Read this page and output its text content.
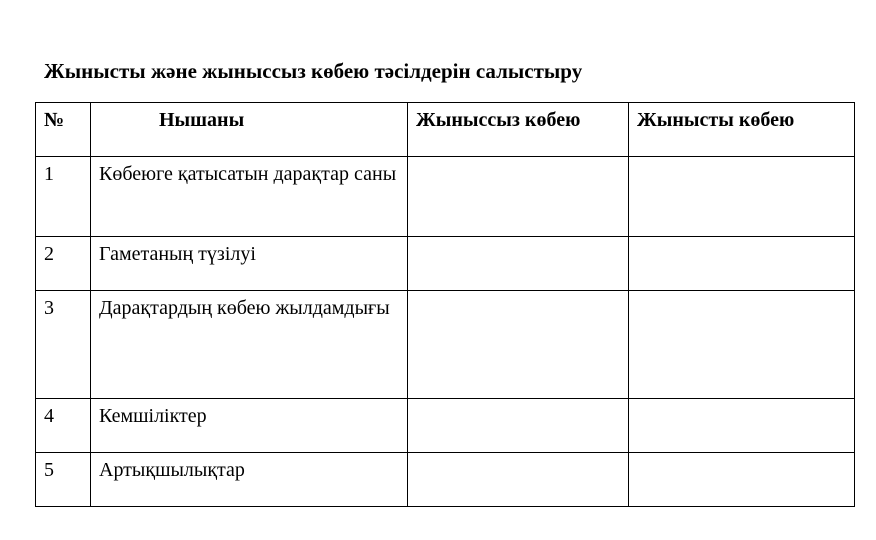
Жынысты және жыныссыз көбею тәсілдерін салыстыру
№	Нышаны	Жыныссыз көбею	Жынысты көбею

1	Көбеюге қатысатын дарақтар саны		

2	Гаметаның түзілуі		

3	Дарақтардың көбею жылдамдығы		

4	Кемшіліктер		

5	Артықшылықтар		
